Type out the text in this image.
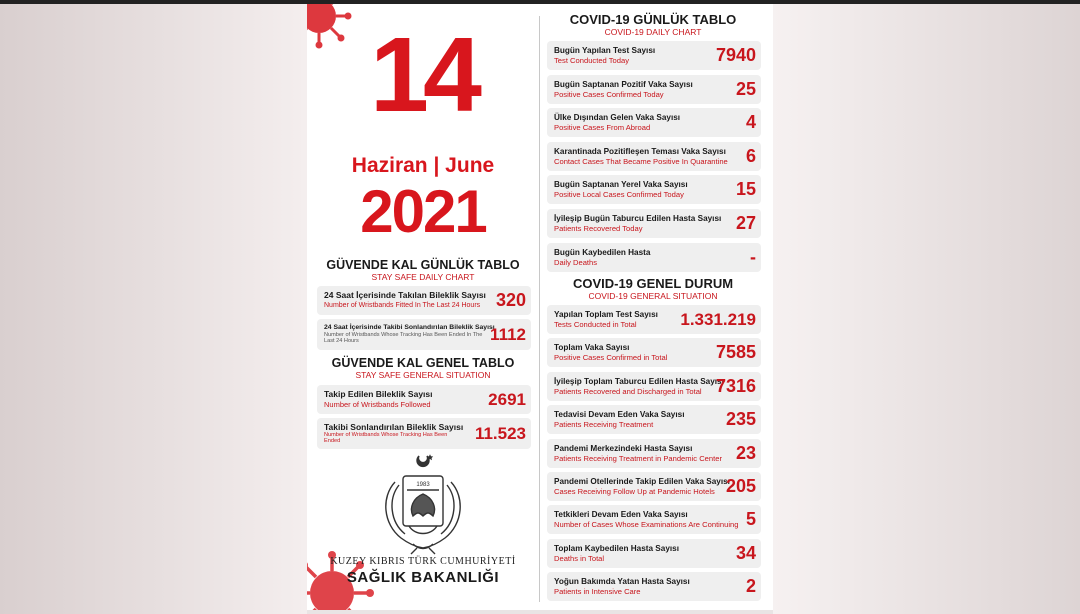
14
Haziran | June
2021
GÜVENDE KAL GÜNLÜK TABLO
STAY SAFE DAILY CHART
24 Saat İçerisinde Takılan Bileklik Sayısı
Number of Wristbands Fitted In The Last 24 Hours 320
24 Saat İçerisinde Takibi Sonlandırılan Bileklik Sayısı
Number of Wristbands Whose Tracking Has Been Ended In The Last 24 Hours	1112
GÜVENDE KAL GENEL TABLO
STAY SAFE GENERAL SITUATION
Takip Edilen Bileklik Sayısı
Number of Wristbands Followed	2691
Takibi Sonlandırılan Bileklik Sayısı
Number of Wristbands Whose Tracking Has Been Ended	11.523
1983
KUZEY KIBRIS TÜRK CUMHURİYETİ
SAĞLIK BAKANLIĞI
COVID-19 GÜNLÜK TABLO
COVID-19 DAILY CHART
Bugün Yapılan Test Sayısı
Test Conducted Today	7940
Bugün Saptanan Pozitif Vaka Sayısı
Positive Cases Confirmed Today	25
Ülke Dışından Gelen Vaka Sayısı
Positive Cases From Abroad	4
Karantinada Pozitifleşen Teması Vaka Sayısı
Contact Cases That Became Positive In Quarantine 6
Bugün Saptanan Yerel Vaka Sayısı
Positive Local Cases Confirmed Today	15
İyileşip Bugün Taburcu Edilen Hasta Sayısı
Patients Recovered Today	27
Bugün Kaybedilen Hasta
Daily Deaths	-
COVID-19 GENEL DURUM
COVID-19 GENERAL SITUATION
Yapılan Toplam Test Sayısı
Tests Conducted in Total	1.331.219
Toplam Vaka Sayısı
Positive Cases Confirmed in Total	7585
İyileşip Toplam Taburcu Edilen Hasta Sayısı
Patients Recovered and Discharged in Total 7316
Tedavisi Devam Eden Vaka Sayısı
Patients Receiving Treatment	235
Pandemi Merkezindeki Hasta Sayısı
Patients Receiving Treatment in Pandemic Center 23
Pandemi Otellerinde Takip Edilen Vaka Sayısı
Cases Receiving Follow Up at Pandemic Hotels 205
Tetkikleri Devam Eden Vaka Sayısı
Number of Cases Whose Examinations Are Continuing 5
Toplam Kaybedilen Hasta Sayısı
Deaths in Total	34
Yoğun Bakımda Yatan Hasta Sayısı
Patients in Intensive Care	2
